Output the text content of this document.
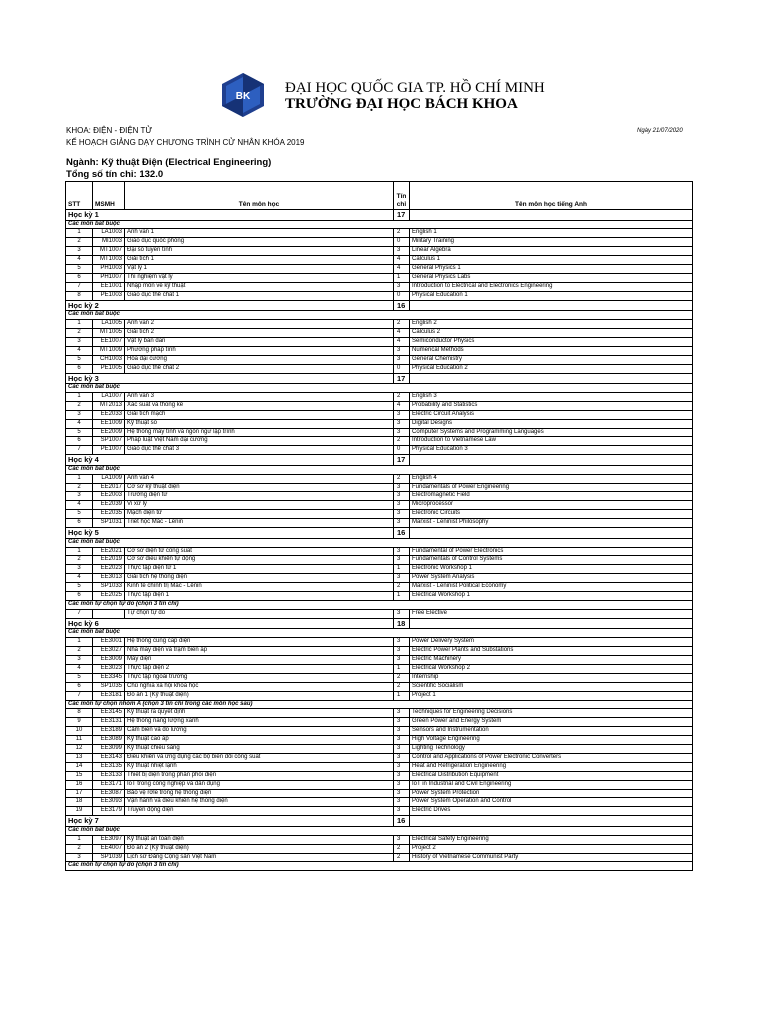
BK
ĐẠI HỌC QUỐC GIA TP. HỒ CHÍ MINH
TRƯỜNG ĐẠI HỌC BÁCH KHOA
KHOA: ĐIỆN - ĐIỆN TỬ
KẾ HOẠCH GIẢNG DẠY CHƯƠNG TRÌNH CỬ NHÂN KHÓA 2019
Ngày 21/07/2020
Ngành: Kỹ thuật Điện (Electrical Engineering)
Tổng số tín chỉ: 132.0
STT	MSMH	Tên môn học	Tín chỉ	Tên môn học tiếng Anh
Học kỳ 1			17	
Các môn bắt buộc				
1	LA1003	Anh văn 1	2	English 1
2	MI1003	Giáo dục quốc phòng	0	Military Training
3	MT1007	Đại số tuyến tính	3	Linear Algebra
4	MT1003	Giải tích 1	4	Calculus 1
5	PH1003	Vật lý 1	4	General Physics 1
6	PH1007	Thí nghiệm vật lý	1	General Physics Labs
7	EE1001	Nhập môn về kỹ thuật	3	Introduction to Electrical and Electronics Engineering
8	PE1003	Giáo dục thể chất 1	0	Physical Education 1
Học kỳ 2			16	
Các môn bắt buộc				
1	LA1005	Anh văn 2	2	English 2
2	MT1005	Giải tích 2	4	Calculus 2
3	EE1007	Vật lý bán dẫn	4	Semiconductor Physics
4	MT1009	Phương pháp tính	3	Numerical Methods
5	CH1003	Hóa đại cương	3	General Chemistry
6	PE1005	Giáo dục thể chất 2	0	Physical Education 2
Học kỳ 3			17	
Các môn bắt buộc				
1	LA1007	Anh văn 3	2	English 3
2	MT2013	Xác suất và thống kê	4	Probability and Statistics
3	EE2033	Giải tích mạch	3	Electric Circuit Analysis
4	EE1009	Kỹ thuật số	3	Digital Designs
5	EE2009	Hệ thống máy tính và ngôn ngữ lập trình	3	Computer Systems and Programming Languages
6	SP1007	Pháp luật Việt Nam đại cương	2	Introduction to Vietnamese Law
7	PE1007	Giáo dục thể chất 3	0	Physical Education 3
Học kỳ 4			17	
Các môn bắt buộc				
1	LA1009	Anh văn 4	2	English 4
2	EE2017	Cơ sở kỹ thuật điện	3	Fundamentals of Power Engineering
3	EE2003	Trường điện từ	3	Electromagnetic Field
4	EE2039	Vi xử lý	3	Microprocessor
5	EE2035	Mạch điện tử	3	Electronic Circuits
6	SP1031	Triết học Mác - Lênin	3	Marxist - Leninist Philosophy
Học kỳ 5			16	
Các môn bắt buộc				
1	EE2021	Cơ sở điện tử công suất	3	Fundamental of Power Electronics
2	EE2019	Cơ sở điều khiển tự động	3	Fundamentals of Control Systems
3	EE2023	Thực tập điện tử 1	1	Electronic Workshop 1
4	EE3013	Giải tích hệ thống điện	3	Power System Analysis
5	SP1033	Kinh tế chính trị Mác - Lênin	2	Marxist - Leninist Political Economy
6	EE2025	Thực tập điện 1	1	Electrical Workshop 1
Các môn tự chọn tự do (chọn 3 tín chỉ)				
7		Tự chọn tự do	3	Free Elective
Học kỳ 6			18	
Các môn bắt buộc				
1	EE3001	Hệ thống cung cấp điện	3	Power Delivery System
2	EE3027	Nhà máy điện và trạm biến áp	3	Electric Power Plants and Substations
3	EE3009	Máy điện	3	Electric Machinery
4	EE3023	Thực tập điện 2	1	Electrical Workshop 2
5	EE3345	Thực tập ngoài trường	2	Internship
6	SP1035	Chủ nghĩa xã hội khoa học	2	Scientific Socialism
7	EE3181	Đồ án 1 (Kỹ thuật điện)	1	Project 1
Các môn tự chọn nhóm A (chọn 3 tín chỉ trong các môn học sau)				
8	EE3145	Kỹ thuật ra quyết định	3	Techniques for Engineering Decisions
9	EE3131	Hệ thống năng lượng xanh	3	Green Power and Energy System
10	EE3189	Cảm biến và đo lường	3	Sensors and Instrumentation
11	EE3089	Kỹ thuật cao áp	3	High Voltage Engineering
12	EE3099	Kỹ thuật chiếu sáng	3	Lighting Technology
13	EE3143	Điều khiển và ứng dụng các bộ biến đổi công suất	3	Control and Applications of Power Electronic Converters
14	EE3135	Kỹ thuật nhiệt lạnh	3	Heat and Refrigeration Engineering
15	EE3133	Thiết bị điện trong phân phối điện	3	Electrical Distribution Equipment
16	EE3171	IoT trong công nghiệp và dân dụng	3	IoT in Industrial and Civil Engineering
17	EE3087	Bảo vệ rơle trong hệ thống điện	3	Power System Protection
18	EE3093	Vận hành và điều khiển hệ thống điện	3	Power System Operation and Control
19	EE3179	Truyền động điện	3	Electric Drives
Học kỳ 7			16	
Các môn bắt buộc				
1	EE3097	Kỹ thuật an toàn điện	3	Electrical Safety Engineering
2	EE4007	Đồ án 2 (Kỹ thuật điện)	2	Project 2
3	SP1039	Lịch sử Đảng Cộng sản Việt Nam	2	History of Vietnamese Communist Party
Các môn tự chọn tự do (chọn 3 tín chỉ)				
